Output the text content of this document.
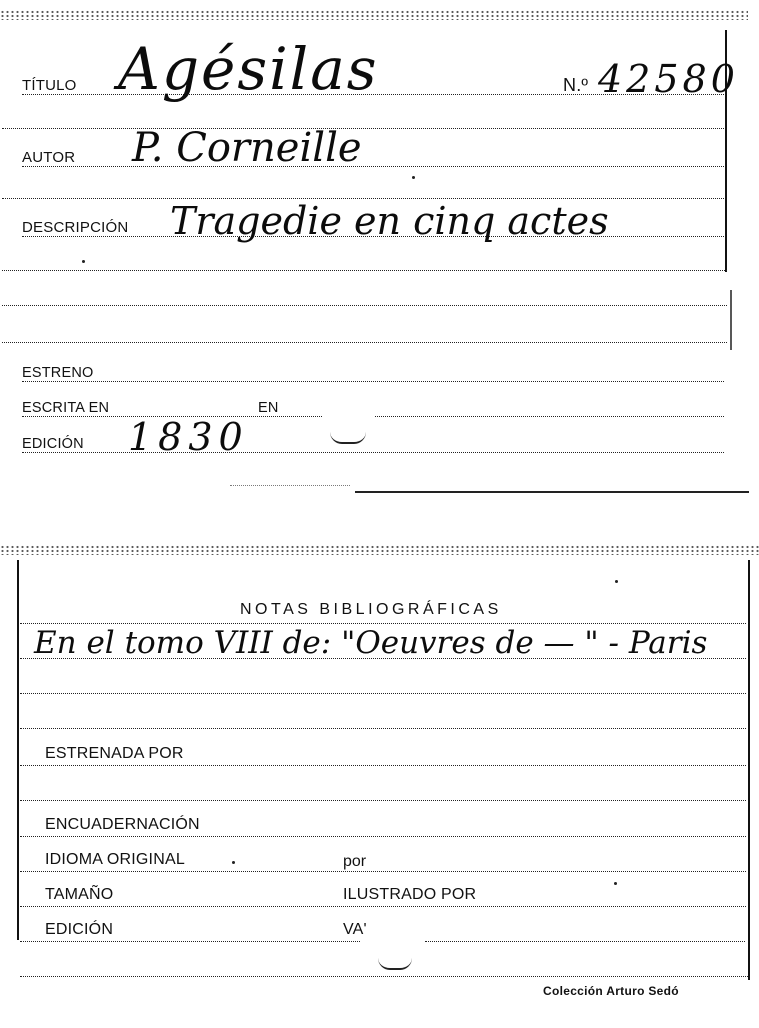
TÍTULO Agésilas	N.º 42580
AUTOR P. Corneille
DESCRIPCIÓN Tragedie en cinq actes
ESTRENO
ESCRITA EN	EN
EDICIÓN 1830
NOTAS BIBLIOGRÁFICAS
En el tomo VIII de: "Oeuvres de — " - Paris
ESTRENADA POR
ENCUADERNACIÓN
IDIOMA ORIGINAL	por
TAMAÑO	ILUSTRADO POR
EDICIÓN	VA'
Colección Arturo Sedó
